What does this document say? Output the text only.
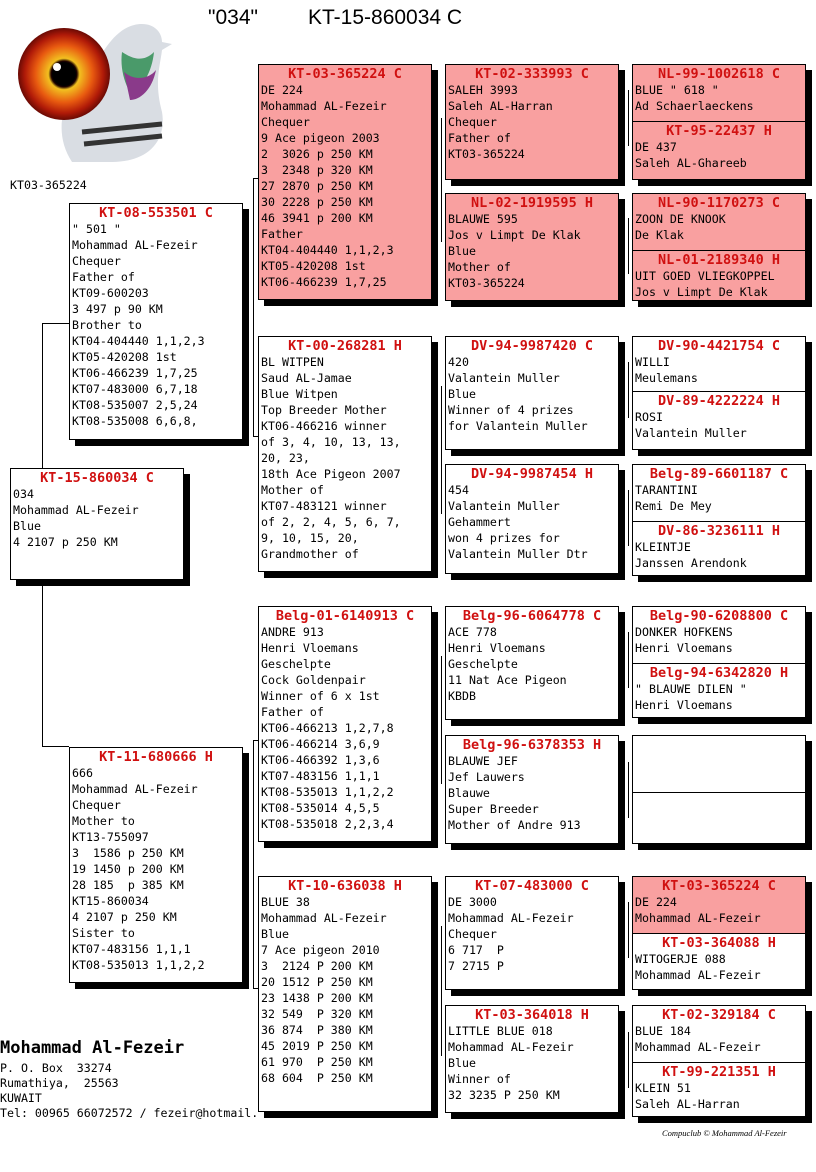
"034" KT-15-860034 C
KT03-365224
KT-15-860034 C
034
Mohammad AL-Fezeir
Blue
4 2107 p 250 KM
KT-08-553501 C
" 501 "
Mohammad AL-Fezeir
Chequer
Father of
KT09-600203
3 497 p 90 KM
Brother to
KT04-404440 1,1,2,3
KT05-420208 1st
KT06-466239 1,7,25
KT07-483000 6,7,18
KT08-535007 2,5,24
KT08-535008 6,6,8,
KT-11-680666 H
666
Mohammad AL-Fezeir
Chequer
Mother to
KT13-755097
3  1586 p 250 KM
19 1450 p 200 KM
28 185  p 385 KM
KT15-860034
4 2107 p 250 KM
Sister to
KT07-483156 1,1,1
KT08-535013 1,1,2,2
KT-03-365224 C
DE 224
Mohammad AL-Fezeir
Chequer
9 Ace pigeon 2003
2  3026 p 250 KM
3  2348 p 320 KM
27 2870 p 250 KM
30 2228 p 250 KM
46 3941 p 200 KM
Father
KT04-404440 1,1,2,3
KT05-420208 1st
KT06-466239 1,7,25
KT-00-268281 H
BL WITPEN
Saud AL-Jamae
Blue Witpen
Top Breeder Mother
KT06-466216 winner
of 3, 4, 10, 13, 13,
20, 23,
18th Ace Pigeon 2007
Mother of
KT07-483121 winner
of 2, 2, 4, 5, 6, 7,
9, 10, 15, 20,
Grandmother of
Belg-01-6140913 C
ANDRE 913
Henri Vloemans
Geschelpte
Cock Goldenpair
Winner of 6 x 1st
Father of
KT06-466213 1,2,7,8
KT06-466214 3,6,9
KT06-466392 1,3,6
KT07-483156 1,1,1
KT08-535013 1,1,2,2
KT08-535014 4,5,5
KT08-535018 2,2,3,4
KT-10-636038 H
BLUE 38
Mohammad AL-Fezeir
Blue
7 Ace pigeon 2010
3  2124 P 200 KM
20 1512 P 250 KM
23 1438 P 200 KM
32 549  P 320 KM
36 874  P 380 KM
45 2019 P 250 KM
61 970  P 250 KM
68 604  P 250 KM
KT-02-333993 C
SALEH 3993
Saleh AL-Harran
Chequer
Father of
KT03-365224
NL-02-1919595 H
BLAUWE 595
Jos v Limpt De Klak
Blue
Mother of
KT03-365224
DV-94-9987420 C
420
Valantein Muller
Blue
Winner of 4 prizes
for Valantein Muller
DV-94-9987454 H
454
Valantein Muller
Gehammert
won 4 prizes for
Valantein Muller Dtr
Belg-96-6064778 C
ACE 778
Henri Vloemans
Geschelpte
11 Nat Ace Pigeon
KBDB
Belg-96-6378353 H
BLAUWE JEF
Jef Lauwers
Blauwe
Super Breeder
Mother of Andre 913
KT-07-483000 C
DE 3000
Mohammad AL-Fezeir
Chequer
6 717  P
7 2715 P
KT-03-364018 H
LITTLE BLUE 018
Mohammad AL-Fezeir
Blue
Winner of
32 3235 P 250 KM
NL-99-1002618 C
BLUE " 618 "
Ad Schaerlaeckens
KT-95-22437 H
DE 437
Saleh AL-Ghareeb
NL-90-1170273 C
ZOON DE KNOOK
De Klak
NL-01-2189340 H
UIT GOED VLIEGKOPPEL
Jos v Limpt De Klak
DV-90-4421754 C
WILLI
Meulemans
DV-89-4222224 H
ROSI
Valantein Muller
Belg-89-6601187 C
TARANTINI
Remi De Mey
DV-86-3236111 H
KLEINTJE
Janssen Arendonk
Belg-90-6208800 C
DONKER HOFKENS
Henri Vloemans
Belg-94-6342820 H
" BLAUWE DILEN "
Henri Vloemans
KT-03-365224 C
DE 224
Mohammad AL-Fezeir
KT-03-364088 H
WITOGERJE 088
Mohammad AL-Fezeir
KT-02-329184 C
BLUE 184
Mohammad AL-Fezeir
KT-99-221351 H
KLEIN 51
Saleh AL-Harran
Mohammad Al-Fezeir
P. O. Box  33274
Rumathiya,  25563
KUWAIT
Tel: 00965 66072572 / fezeir@hotmail.
Compuclub © Mohammad Al-Fezeir
